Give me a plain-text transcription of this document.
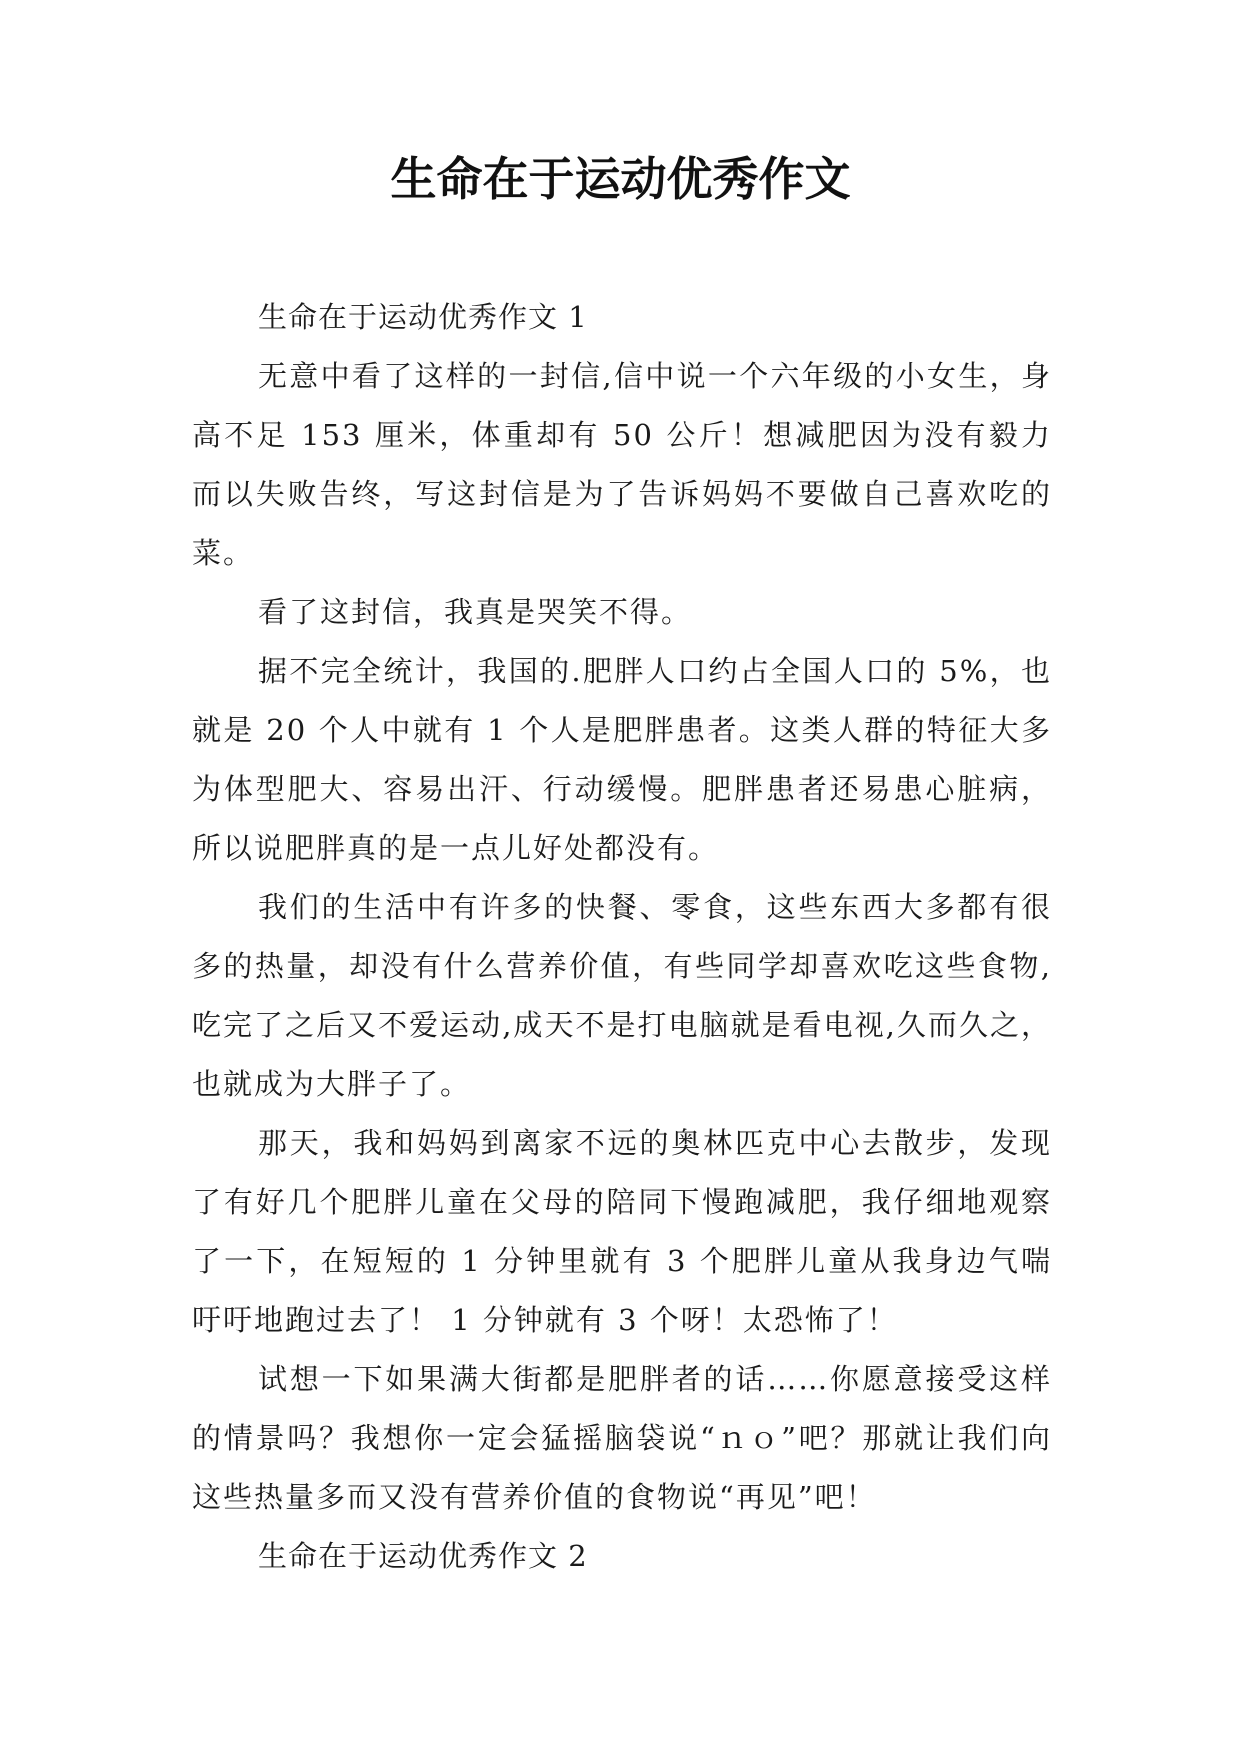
生命在于运动优秀作文

生命在于运动优秀作文 1

无意中看了这样的一封信,信中说一个六年级的小女生，身高不足 153 厘米，体重却有 50 公斤！想减肥因为没有毅力而以失败告终，写这封信是为了告诉妈妈不要做自己喜欢吃的菜。

看了这封信，我真是哭笑不得。

据不完全统计，我国的.肥胖人口约占全国人口的 5%，也就是 20 个人中就有 1 个人是肥胖患者。这类人群的特征大多为体型肥大、容易出汗、行动缓慢。肥胖患者还易患心脏病，所以说肥胖真的是一点儿好处都没有。

我们的生活中有许多的快餐、零食，这些东西大多都有很多的热量，却没有什么营养价值，有些同学却喜欢吃这些食物,吃完了之后又不爱运动,成天不是打电脑就是看电视,久而久之，也就成为大胖子了。

那天，我和妈妈到离家不远的奥林匹克中心去散步，发现了有好几个肥胖儿童在父母的陪同下慢跑减肥，我仔细地观察了一下，在短短的 1 分钟里就有 3 个肥胖儿童从我身边气喘吁吁地跑过去了！ 1 分钟就有 3 个呀！太恐怖了！

试想一下如果满大街都是肥胖者的话……你愿意接受这样的情景吗？我想你一定会猛摇脑袋说“ｎｏ”吧？那就让我们向这些热量多而又没有营养价值的食物说“再见”吧！

生命在于运动优秀作文 2
